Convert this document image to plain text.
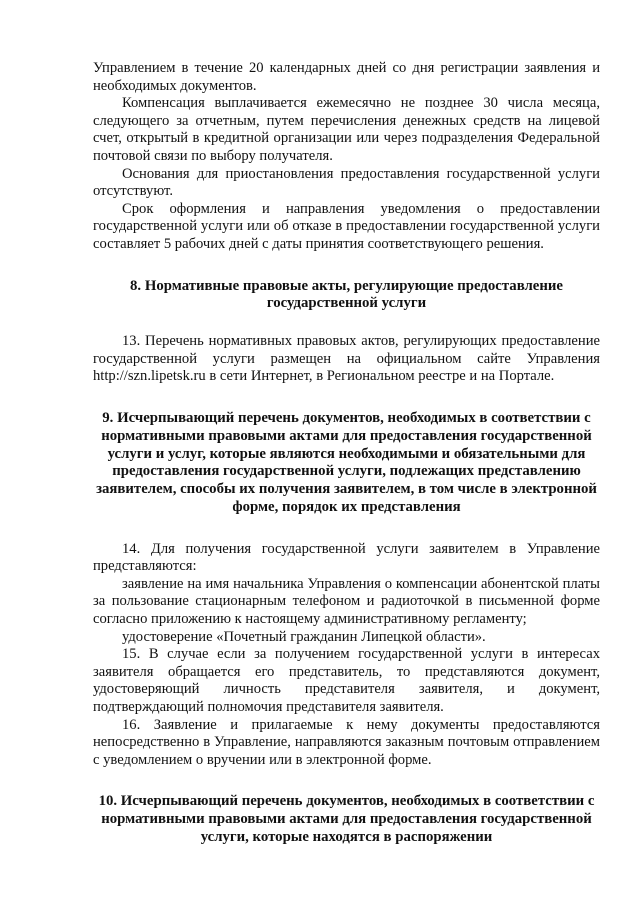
Управлением в течение 20 календарных дней со дня регистрации заявления и необходимых документов.

Компенсация выплачивается ежемесячно не позднее 30 числа месяца, следующего за отчетным, путем перечисления денежных средств на лицевой счет, открытый в кредитной организации или через подразделения Федеральной почтовой связи по выбору получателя.

Основания для приостановления предоставления государственной услуги отсутствуют.

Срок оформления и направления уведомления о предоставлении государственной услуги или об отказе в предоставлении государственной услуги составляет 5 рабочих дней с даты принятия соответствующего решения.

8. Нормативные правовые акты, регулирующие предоставление государственной услуги

13. Перечень нормативных правовых актов, регулирующих предоставление государственной услуги размещен на официальном сайте Управления http://szn.lipetsk.ru в сети Интернет, в Региональном реестре и на Портале.

9. Исчерпывающий перечень документов, необходимых в соответствии с нормативными правовыми актами для предоставления государственной услуги и услуг, которые являются необходимыми и обязательными для предоставления государственной услуги, подлежащих представлению заявителем, способы их получения заявителем, в том числе в электронной форме, порядок их представления

14. Для получения государственной услуги заявителем в Управление представляются:

заявление на имя начальника Управления о компенсации абонентской платы за пользование стационарным телефоном и радиоточкой в письменной форме согласно приложению к настоящему административному регламенту;

удостоверение «Почетный гражданин Липецкой области».

15. В случае если за получением государственной услуги в интересах заявителя обращается его представитель, то представляются документ, удостоверяющий личность представителя заявителя, и документ, подтверждающий полномочия представителя заявителя.

16. Заявление и прилагаемые к нему документы предоставляются непосредственно в Управление, направляются заказным почтовым отправлением с уведомлением о вручении или в электронной форме.

10. Исчерпывающий перечень документов, необходимых в соответствии с нормативными правовыми актами для предоставления государственной услуги, которые находятся в распоряжении
